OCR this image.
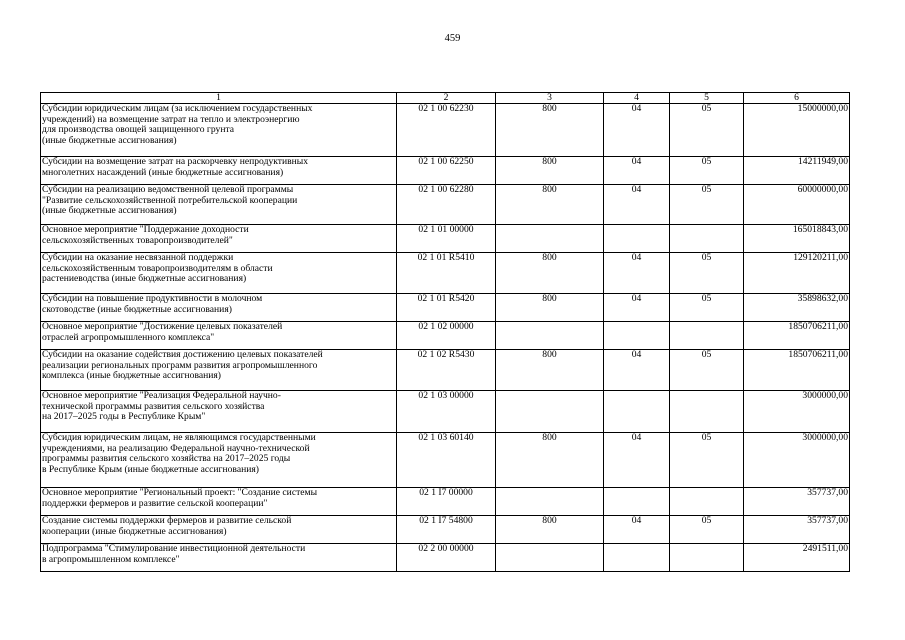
459
1	2	3	4	5	6
Субсидии юридическим лицам (за исключением государственных
учреждений) на возмещение затрат на тепло и электроэнергию
для производства овощей защищенного грунта
(иные бюджетные ассигнования)	02 1 00 62230	800	04	05	15000000,00
Субсидии на возмещение затрат на раскорчевку непродуктивных
многолетних насаждений (иные бюджетные ассигнования)	02 1 00 62250	800	04	05	14211949,00
Субсидии на реализацию ведомственной целевой программы
"Развитие сельскохозяйственной потребительской кооперации
(иные бюджетные ассигнования)	02 1 00 62280	800	04	05	60000000,00
Основное мероприятие "Поддержание доходности
сельскохозяйственных товаропроизводителей"	02 1 01 00000				165018843,00
Субсидии на оказание несвязанной поддержки
сельскохозяйственным товаропроизводителям в области
растениеводства (иные бюджетные ассигнования)	02 1 01 R5410	800	04	05	129120211,00
Субсидии на повышение продуктивности в молочном
скотоводстве (иные бюджетные ассигнования)	02 1 01 R5420	800	04	05	35898632,00
Основное мероприятие "Достижение целевых показателей
отраслей агропромышленного комплекса"	02 1 02 00000				1850706211,00
Субсидии на оказание содействия достижению целевых показателей
реализации региональных программ развития агропромышленного
комплекса (иные бюджетные ассигнования)	02 1 02 R5430	800	04	05	1850706211,00
Основное мероприятие "Реализация Федеральной научно-
технической программы развития сельского хозяйства
на 2017–2025 годы в Республике Крым"	02 1 03 00000				3000000,00
Субсидия юридическим лицам, не являющимся государственными
учреждениями, на реализацию Федеральной научно-технической
программы развития сельского хозяйства на 2017–2025 годы
в Республике Крым (иные бюджетные ассигнования)	02 1 03 60140	800	04	05	3000000,00
Основное мероприятие "Региональный проект: "Создание системы
поддержки фермеров и развитие сельской кооперации"	02 1 I7 00000				357737,00
Создание системы поддержки фермеров и развитие сельской
кооперации (иные бюджетные ассигнования)	02 1 I7 54800	800	04	05	357737,00
Подпрограмма "Стимулирование инвестиционной деятельности
в агропромышленном комплексе"	02 2 00 00000				2491511,00
